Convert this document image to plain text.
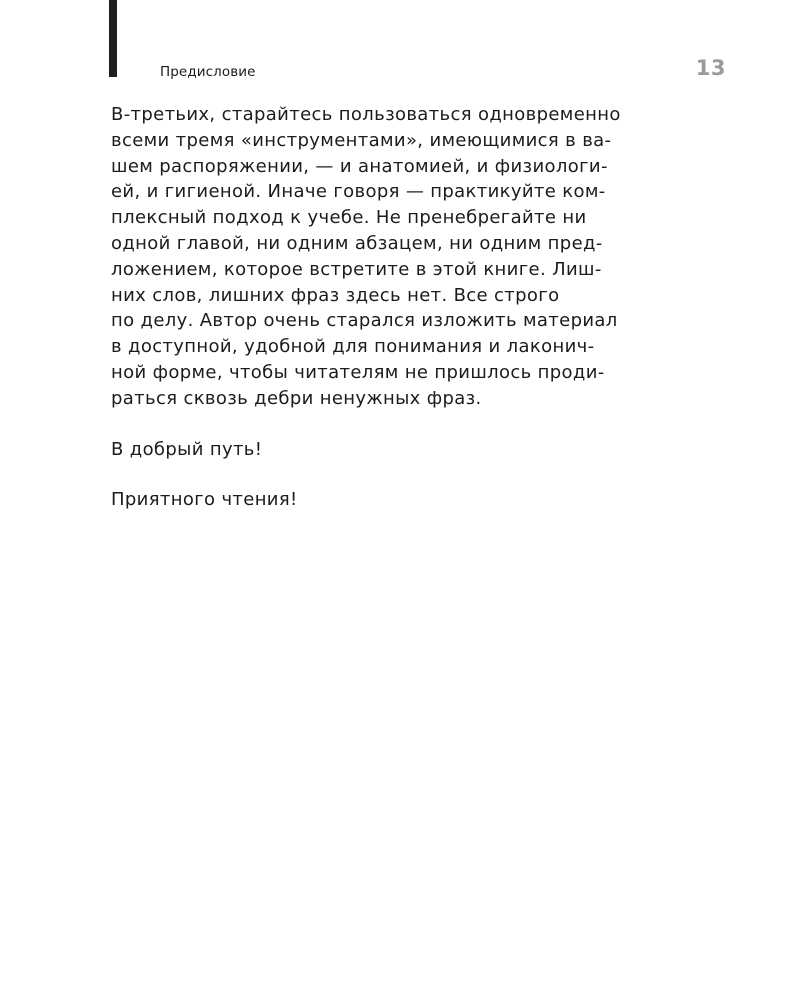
Предисловие	13
В-третьих, старайтесь пользоваться одновременно
всеми тремя «инструментами», имеющимися в ва-
шем распоряжении, — и анатомией, и физиологи-
ей, и гигиеной. Иначе говоря — практикуйте ком-
плексный подход к учебе. Не пренебрегайте ни
одной главой, ни одним абзацем, ни одним пред-
ложением, которое встретите в этой книге. Лиш-
них слов, лишних фраз здесь нет. Все строго
по делу. Автор очень старался изложить материал
в доступной, удобной для понимания и лаконич-
ной форме, чтобы читателям не пришлось проди-
раться сквозь дебри ненужных фраз.
В добрый путь!
Приятного чтения!
